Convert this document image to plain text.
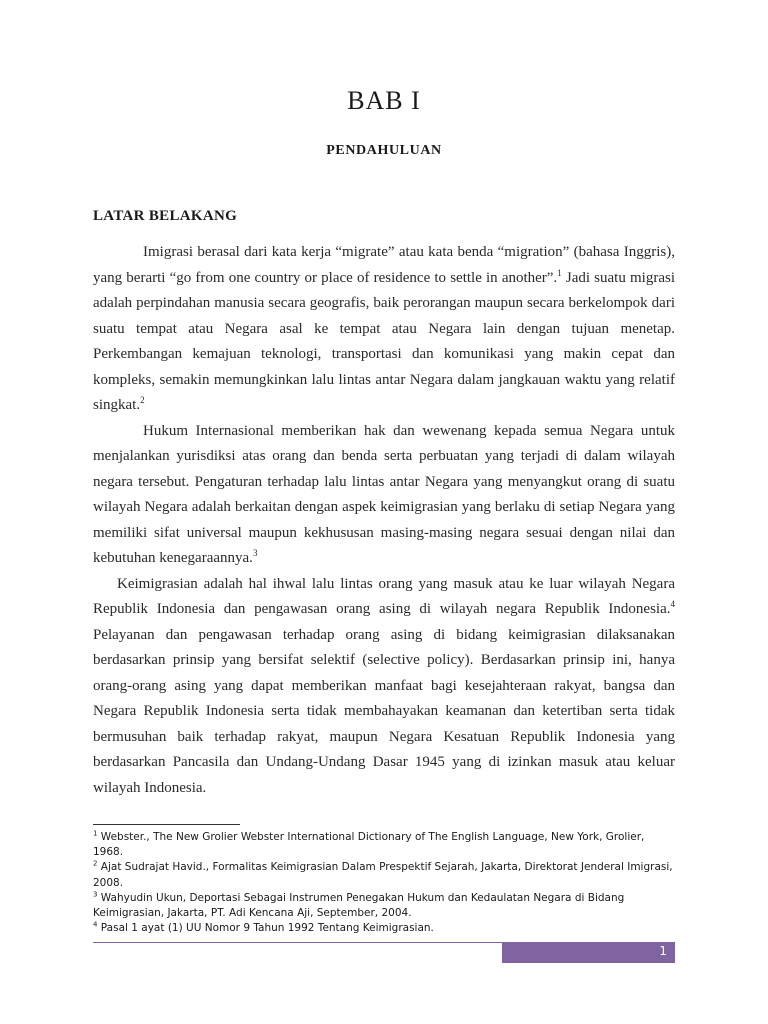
BAB I
PENDAHULUAN
LATAR BELAKANG

Imigrasi berasal dari kata kerja “migrate” atau kata benda “migration” (bahasa Inggris), yang berarti “go from one country or place of residence to settle in another”.$^1$ Jadi suatu migrasi adalah perpindahan manusia secara geografis, baik perorangan maupun secara berkelompok dari suatu tempat atau Negara asal ke tempat atau Negara lain dengan tujuan menetap. Perkembangan kemajuan teknologi, transportasi dan komunikasi yang makin cepat dan kompleks, semakin memungkinkan lalu lintas antar Negara dalam jangkauan waktu yang relatif singkat.$^2$

Hukum Internasional memberikan hak dan wewenang kepada semua Negara untuk menjalankan yurisdiksi atas orang dan benda serta perbuatan yang terjadi di dalam wilayah negara tersebut. Pengaturan terhadap lalu lintas antar Negara yang menyangkut orang di suatu wilayah Negara adalah berkaitan dengan aspek keimigrasian yang berlaku di setiap Negara yang memiliki sifat universal maupun kekhususan masing-masing negara sesuai dengan nilai dan kebutuhan kenegaraannya.$^3$

Keimigrasian adalah hal ihwal lalu lintas orang yang masuk atau ke luar wilayah Negara Republik Indonesia dan pengawasan orang asing di wilayah negara Republik Indonesia.$^4$ Pelayanan dan pengawasan terhadap orang asing di bidang keimigrasian dilaksanakan berdasarkan prinsip yang bersifat selektif (selective policy). Berdasarkan prinsip ini, hanya orang-orang asing yang dapat memberikan manfaat bagi kesejahteraan rakyat, bangsa dan Negara Republik Indonesia serta tidak membahayakan keamanan dan ketertiban serta tidak bermusuhan baik terhadap rakyat, maupun Negara Kesatuan Republik Indonesia yang berdasarkan Pancasila dan Undang-Undang Dasar 1945 yang di izinkan masuk atau keluar wilayah Indonesia.

$^1$ Webster., The New Grolier Webster International Dictionary of The English Language, New York, Grolier, 1968.

$^2$ Ajat Sudrajat Havid., Formalitas Keimigrasian Dalam Prespektif Sejarah, Jakarta, Direktorat Jenderal Imigrasi, 2008.

$^3$ Wahyudin Ukun, Deportasi Sebagai Instrumen Penegakan Hukum dan Kedaulatan Negara di Bidang Keimigrasian, Jakarta, PT. Adi Kencana Aji, September, 2004.

$^4$ Pasal 1 ayat (1) UU Nomor 9 Tahun 1992 Tentang Keimigrasian.

1
